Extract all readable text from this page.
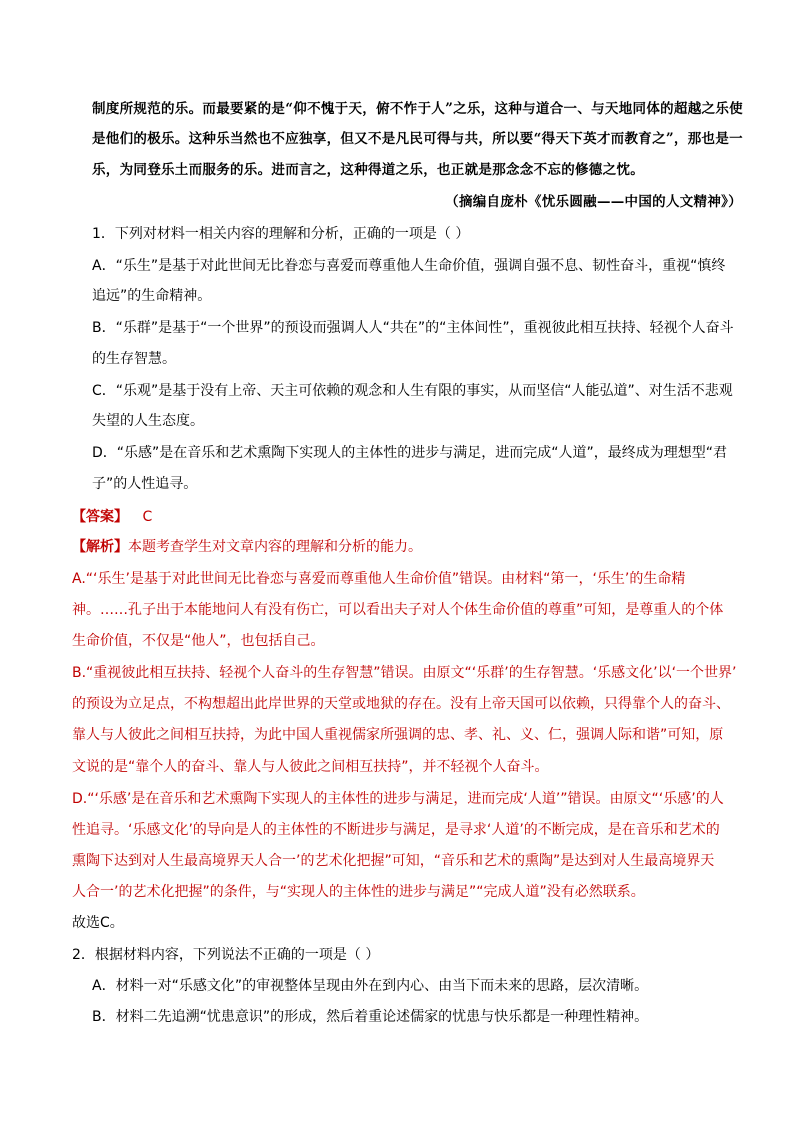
制度所规范的乐。而最要紧的是“仰不愧于天，俯不怍于人”之乐，这种与道合一、与天地同体的超越之乐使
是他们的极乐。这种乐当然也不应独享，但又不是凡民可得与共，所以要“得天下英才而教育之”，那也是一
乐，为同登乐土而服务的乐。进而言之，这种得道之乐，也正就是那念念不忘的修德之忱。
（摘编自庞朴《忧乐圆融——中国的人文精神》）
1．下列对材料一相关内容的理解和分析，正确的一项是（ ）
A．“乐生”是基于对此世间无比眷恋与喜爱而尊重他人生命价值，强调自强不息、韧性奋斗，重视“慎终
追远”的生命精神。
B．“乐群”是基于“一个世界”的预设而强调人人“共在”的“主体间性”，重视彼此相互扶持、轻视个人奋斗
的生存智慧。
C．“乐观”是基于没有上帝、天主可依赖的观念和人生有限的事实，从而坚信“人能弘道”、对生活不悲观
失望的人生态度。
D．“乐感”是在音乐和艺术熏陶下实现人的主体性的进步与满足，进而完成“人道”，最终成为理想型“君
子”的人性追寻。
【答案】 C
【解析】本题考查学生对文章内容的理解和分析的能力。
A.“‘乐生’是基于对此世间无比眷恋与喜爱而尊重他人生命价值”错误。由材料“第一，‘乐生’的生命精
神。……孔子出于本能地问人有没有伤亡，可以看出夫子对人个体生命价值的尊重”可知，是尊重人的个体
生命价值，不仅是“他人”，也包括自己。
B.“重视彼此相互扶持、轻视个人奋斗的生存智慧”错误。由原文“‘乐群’的生存智慧。‘乐感文化’以‘一个世界’
的预设为立足点，不构想超出此岸世界的天堂或地狱的存在。没有上帝天国可以依赖，只得靠个人的奋斗、
靠人与人彼此之间相互扶持，为此中国人重视儒家所强调的忠、孝、礼、义、仁，强调人际和谐”可知，原
文说的是“靠个人的奋斗、靠人与人彼此之间相互扶持”，并不轻视个人奋斗。
D.“‘乐感’是在音乐和艺术熏陶下实现人的主体性的进步与满足，进而完成‘人道’”错误。由原文“‘乐感’的人
性追寻。‘乐感文化’的导向是人的主体性的不断进步与满足，是寻求‘人道’的不断完成，是在音乐和艺术的
熏陶下达到对人生最高境界天人合一’的艺术化把握”可知，“音乐和艺术的熏陶”是达到对人生最高境界天
人合一’的艺术化把握”的条件，与“实现人的主体性的进步与满足”“完成人道”没有必然联系。
故选C。
2．根据材料内容，下列说法不正确的一项是（ ）
A．材料一对“乐感文化”的审视整体呈现由外在到内心、由当下而未来的思路，层次清晰。
B．材料二先追溯“忧患意识”的形成，然后着重论述儒家的忧患与快乐都是一种理性精神。
